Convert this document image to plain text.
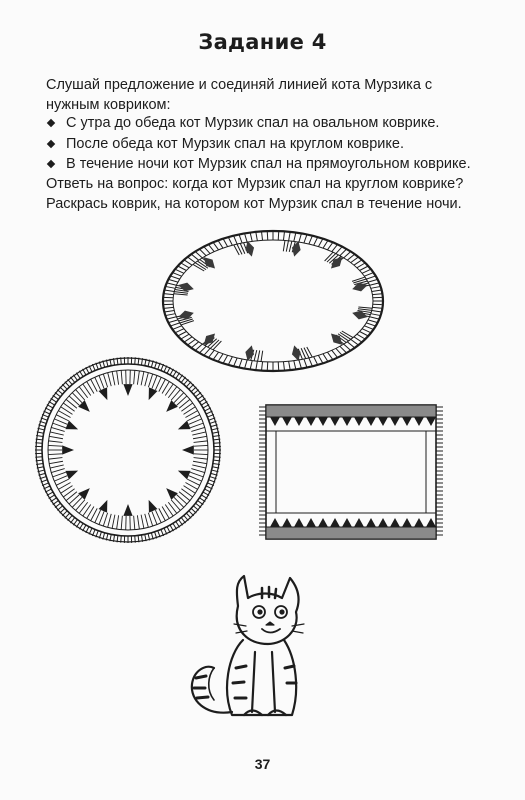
Задание 4
Слушай предложение и соединяй линией кота Мурзика с нужным ковриком:
С утра до обеда кот Мурзик спал на овальном коврике.
После обеда кот Мурзик спал на круглом коврике.
В течение ночи кот Мурзик спал на прямоугольном коврике.
Ответь на вопрос: когда кот Мурзик спал на круглом коврике?
Раскрась коврик, на котором кот Мурзик спал в течение ночи.
37
